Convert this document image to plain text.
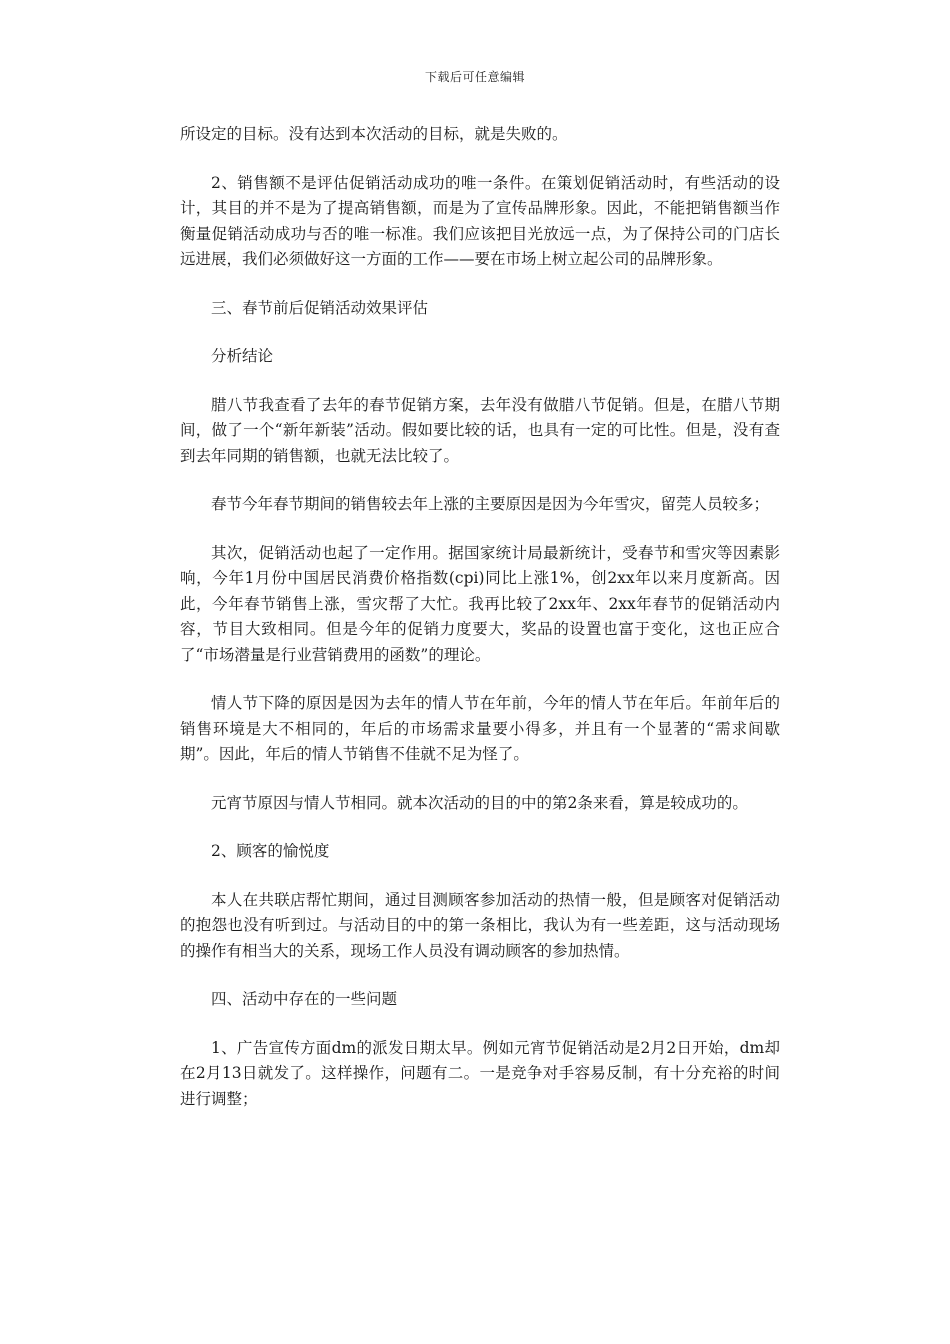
下载后可任意编辑

所设定的目标。没有达到本次活动的目标，就是失败的。

2、销售额不是评估促销活动成功的唯一条件。在策划促销活动时，有些活动的设计，其目的并不是为了提高销售额，而是为了宣传品牌形象。因此，不能把销售额当作衡量促销活动成功与否的唯一标准。我们应该把目光放远一点，为了保持公司的门店长远进展，我们必须做好这一方面的工作——要在市场上树立起公司的品牌形象。

三、春节前后促销活动效果评估

分析结论

腊八节我查看了去年的春节促销方案，去年没有做腊八节促销。但是，在腊八节期间，做了一个“新年新装”活动。假如要比较的话，也具有一定的可比性。但是，没有查到去年同期的销售额，也就无法比较了。

春节今年春节期间的销售较去年上涨的主要原因是因为今年雪灾，留莞人员较多；

其次，促销活动也起了一定作用。据国家统计局最新统计，受春节和雪灾等因素影响，今年1月份中国居民消费价格指数(cpi)同比上涨1%，创2xx年以来月度新高。因此，今年春节销售上涨，雪灾帮了大忙。我再比较了2xx年、2xx年春节的促销活动内容，节目大致相同。但是今年的促销力度要大，奖品的设置也富于变化，这也正应合了“市场潜量是行业营销费用的函数”的理论。

情人节下降的原因是因为去年的情人节在年前，今年的情人节在年后。年前年后的销售环境是大不相同的，年后的市场需求量要小得多，并且有一个显著的“需求间歇期”。因此，年后的情人节销售不佳就不足为怪了。

元宵节原因与情人节相同。就本次活动的目的中的第2条来看，算是较成功的。

2、顾客的愉悦度

本人在共联店帮忙期间，通过目测顾客参加活动的热情一般，但是顾客对促销活动的抱怨也没有听到过。与活动目的中的第一条相比，我认为有一些差距，这与活动现场的操作有相当大的关系，现场工作人员没有调动顾客的参加热情。

四、活动中存在的一些问题

1、广告宣传方面dm的派发日期太早。例如元宵节促销活动是2月2日开始，dm却在2月13日就发了。这样操作，问题有二。一是竞争对手容易反制，有十分充裕的时间进行调整；
